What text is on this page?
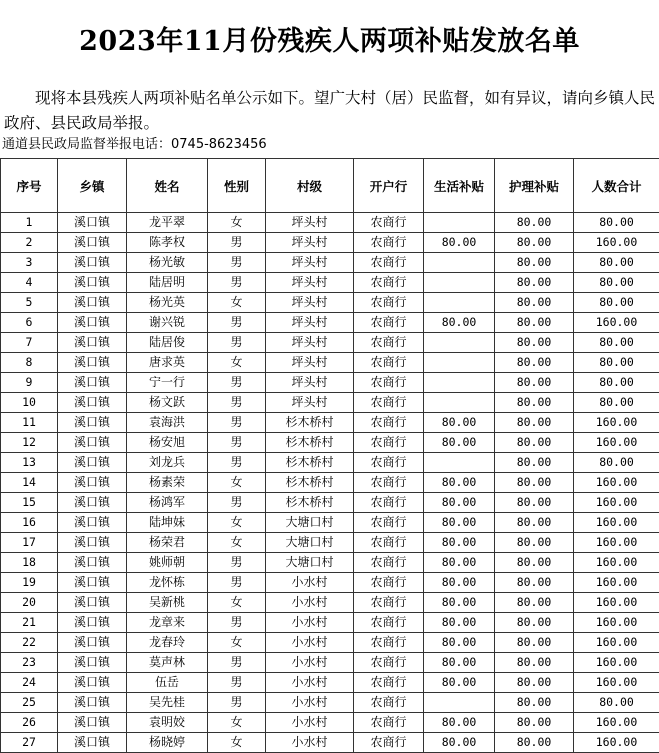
2023年11月份残疾人两项补贴发放名单

现将本县残疾人两项补贴名单公示如下。望广大村（居）民监督，如有异议，请向乡镇人民政府、县民政局举报。

通道县民政局监督举报电话：0745-8623456
序号	乡镇	姓名	性别	村级	开户行	生活补贴	护理补贴	人数合计
1	溪口镇	龙平翠	女	坪头村	农商行		80.00	80.00
2	溪口镇	陈孝权	男	坪头村	农商行	80.00	80.00	160.00
3	溪口镇	杨光敏	男	坪头村	农商行		80.00	80.00
4	溪口镇	陆居明	男	坪头村	农商行		80.00	80.00
5	溪口镇	杨光英	女	坪头村	农商行		80.00	80.00
6	溪口镇	谢兴锐	男	坪头村	农商行	80.00	80.00	160.00
7	溪口镇	陆居俊	男	坪头村	农商行		80.00	80.00
8	溪口镇	唐求英	女	坪头村	农商行		80.00	80.00
9	溪口镇	宁一行	男	坪头村	农商行		80.00	80.00
10	溪口镇	杨文跃	男	坪头村	农商行		80.00	80.00
11	溪口镇	袁海洪	男	杉木桥村	农商行	80.00	80.00	160.00
12	溪口镇	杨安旭	男	杉木桥村	农商行	80.00	80.00	160.00
13	溪口镇	刘龙兵	男	杉木桥村	农商行		80.00	80.00
14	溪口镇	杨素荣	女	杉木桥村	农商行	80.00	80.00	160.00
15	溪口镇	杨鸿军	男	杉木桥村	农商行	80.00	80.00	160.00
16	溪口镇	陆坤妹	女	大塘口村	农商行	80.00	80.00	160.00
17	溪口镇	杨荣君	女	大塘口村	农商行	80.00	80.00	160.00
18	溪口镇	姚师朝	男	大塘口村	农商行	80.00	80.00	160.00
19	溪口镇	龙怀栋	男	小水村	农商行	80.00	80.00	160.00
20	溪口镇	吴新桃	女	小水村	农商行	80.00	80.00	160.00
21	溪口镇	龙章来	男	小水村	农商行	80.00	80.00	160.00
22	溪口镇	龙春玲	女	小水村	农商行	80.00	80.00	160.00
23	溪口镇	莫声林	男	小水村	农商行	80.00	80.00	160.00
24	溪口镇	伍岳	男	小水村	农商行	80.00	80.00	160.00
25	溪口镇	吴先桂	男	小水村	农商行		80.00	80.00
26	溪口镇	袁明姣	女	小水村	农商行	80.00	80.00	160.00
27	溪口镇	杨晓婷	女	小水村	农商行	80.00	80.00	160.00
